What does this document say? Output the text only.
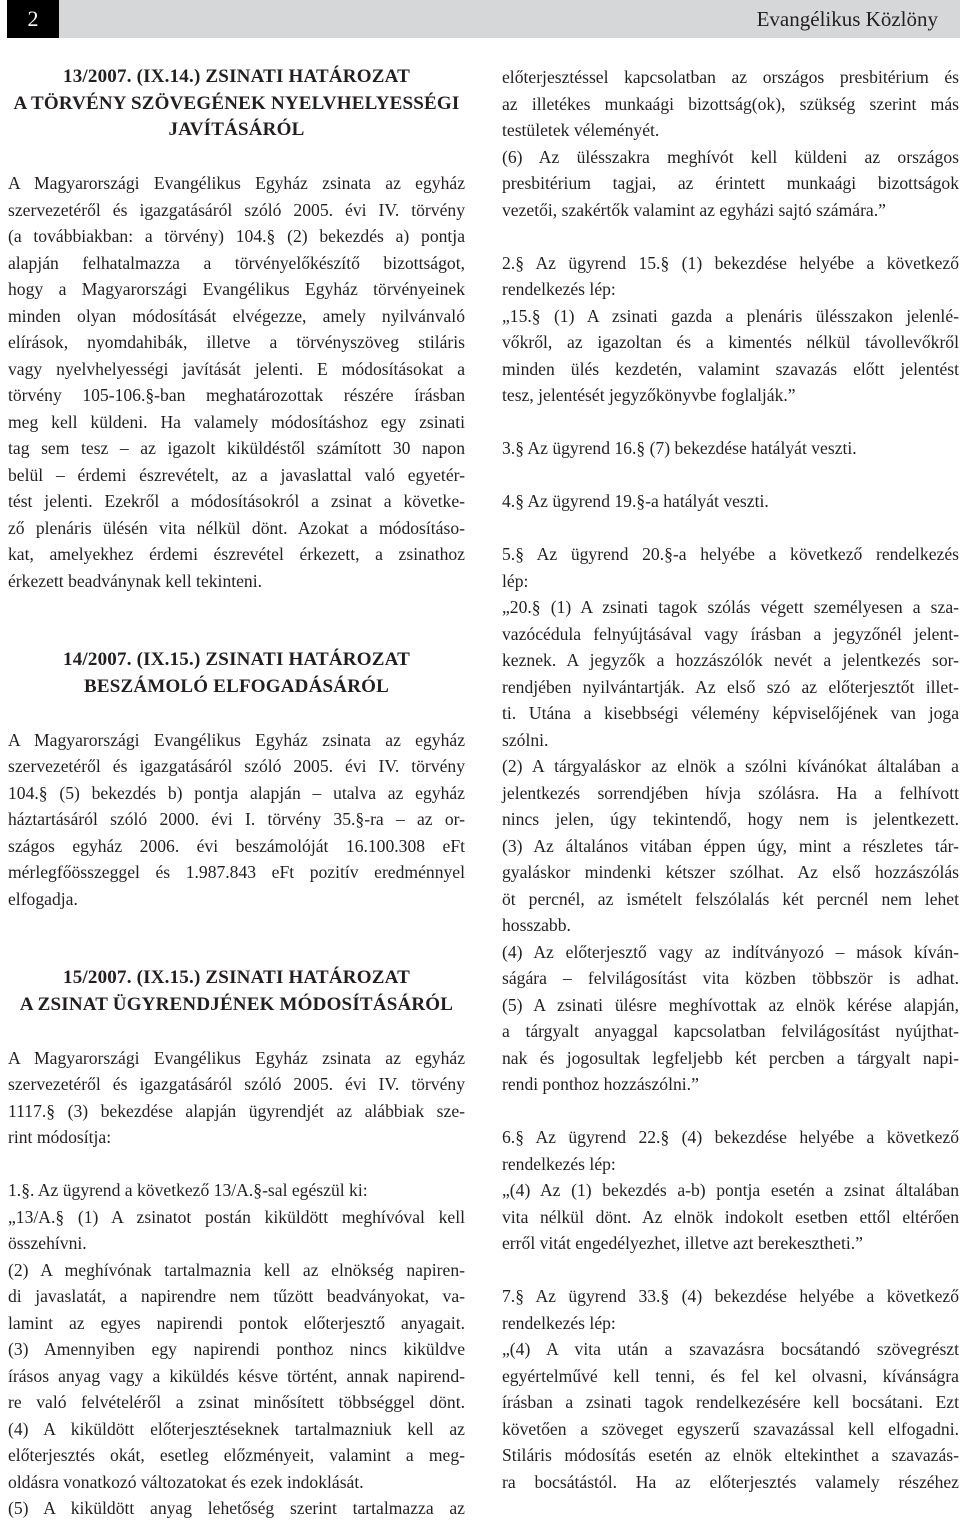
2	Evangélikus Közlöny
13/2007. (IX.14.) ZSINATI HATÁROZAT
A TÖRVÉNY SZÖVEGÉNEK NYELVHELYESSÉGI
JAVÍTÁSÁRÓL
A Magyarországi Evangélikus Egyház zsinata az egyház
szervezetéről és igazgatásáról szóló 2005. évi IV. törvény
(a továbbiakban: a törvény) 104.§ (2) bekezdés a) pontja
alapján felhatalmazza a törvényelőkészítő bizottságot,
hogy a Magyarországi Evangélikus Egyház törvényeinek
minden olyan módosítását elvégezze, amely nyilvánvaló
elírások, nyomdahibák, illetve a törvényszöveg stiláris
vagy nyelvhelyességi javítását jelenti. E módosításokat a
törvény 105-106.§-ban meghatározottak részére írásban
meg kell küldeni. Ha valamely módosításhoz egy zsinati
tag sem tesz – az igazolt kiküldéstől számított 30 napon
belül – érdemi észrevételt, az a javaslattal való egyetér-
tést jelenti. Ezekről a módosításokról a zsinat a követke-
ző plenáris ülésén vita nélkül dönt. Azokat a módosításo-
kat, amelyekhez érdemi észrevétel érkezett, a zsinathoz
érkezett beadványnak kell tekinteni.
14/2007. (IX.15.) ZSINATI HATÁROZAT
BESZÁMOLÓ ELFOGADÁSÁRÓL
A Magyarországi Evangélikus Egyház zsinata az egyház
szervezetéről és igazgatásáról szóló 2005. évi IV. törvény
104.§ (5) bekezdés b) pontja alapján – utalva az egyház
háztartásáról szóló 2000. évi I. törvény 35.§-ra – az or-
szágos egyház 2006. évi beszámolóját 16.100.308 eFt
mérlegfőösszeggel és 1.987.843 eFt pozitív eredménnyel
elfogadja.
15/2007. (IX.15.) ZSINATI HATÁROZAT
A ZSINAT ÜGYRENDJÉNEK MÓDOSÍTÁSÁRÓL
A Magyarországi Evangélikus Egyház zsinata az egyház
szervezetéről és igazgatásáról szóló 2005. évi IV. törvény
1117.§ (3) bekezdése alapján ügyrendjét az alábbiak sze-
rint módosítja:
1.§. Az ügyrend a következő 13/A.§-sal egészül ki:
„13/A.§ (1) A zsinatot postán kiküldött meghívóval kell
összehívni.
(2) A meghívónak tartalmaznia kell az elnökség napiren-
di javaslatát, a napirendre nem tűzött beadványokat, va-
lamint az egyes napirendi pontok előterjesztő anyagait.
(3) Amennyiben egy napirendi ponthoz nincs kiküldve
írásos anyag vagy a kiküldés késve történt, annak napirend-
re való felvételéről a zsinat minősített többséggel dönt.
(4) A kiküldött előterjesztéseknek tartalmazniuk kell az
előterjesztés okát, esetleg előzményeit, valamint a meg-
oldásra vonatkozó változatokat és ezek indoklását.
(5) A kiküldött anyag lehetőség szerint tartalmazza az
előterjesztéssel kapcsolatban az országos presbitérium és
az illetékes munkaági bizottság(ok), szükség szerint más
testületek véleményét.
(6) Az ülésszakra meghívót kell küldeni az országos
presbitérium tagjai, az érintett munkaági bizottságok
vezetői, szakértők valamint az egyházi sajtó számára.”
2.§ Az ügyrend 15.§ (1) bekezdése helyébe a következő
rendelkezés lép:
„15.§ (1) A zsinati gazda a plenáris ülésszakon jelenlé-
vőkről, az igazoltan és a kimentés nélkül távollevőkről
minden ülés kezdetén, valamint szavazás előtt jelentést
tesz, jelentését jegyzőkönyvbe foglalják.”
3.§ Az ügyrend 16.§ (7) bekezdése hatályát veszti.
4.§ Az ügyrend 19.§-a hatályát veszti.
5.§ Az ügyrend 20.§-a helyébe a következő rendelkezés
lép:
„20.§ (1) A zsinati tagok szólás végett személyesen a sza-
vazócédula felnyújtásával vagy írásban a jegyzőnél jelent-
keznek. A jegyzők a hozzászólók nevét a jelentkezés sor-
rendjében nyilvántartják. Az első szó az előterjesztőt illet-
ti. Utána a kisebbségi vélemény képviselőjének van joga
szólni.
(2) A tárgyaláskor az elnök a szólni kívánókat általában a
jelentkezés sorrendjében hívja szólásra. Ha a felhívott
nincs jelen, úgy tekintendő, hogy nem is jelentkezett.
(3) Az általános vitában éppen úgy, mint a részletes tár-
gyaláskor mindenki kétszer szólhat. Az első hozzászólás
öt percnél, az ismételt felszólalás két percnél nem lehet
hosszabb.
(4) Az előterjesztő vagy az indítványozó – mások kíván-
ságára – felvilágosítást vita közben többször is adhat.
(5) A zsinati ülésre meghívottak az elnök kérése alapján,
a tárgyalt anyaggal kapcsolatban felvilágosítást nyújthat-
nak és jogosultak legfeljebb két percben a tárgyalt napi-
rendi ponthoz hozzászólni.”
6.§ Az ügyrend 22.§ (4) bekezdése helyébe a következő
rendelkezés lép:
„(4) Az (1) bekezdés a-b) pontja esetén a zsinat általában
vita nélkül dönt. Az elnök indokolt esetben ettől eltérően
erről vitát engedélyezhet, illetve azt berekesztheti.”
7.§ Az ügyrend 33.§ (4) bekezdése helyébe a következő
rendelkezés lép:
„(4) A vita után a szavazásra bocsátandó szövegrészt
egyértelművé kell tenni, és fel kel olvasni, kívánságra
írásban a zsinati tagok rendelkezésére kell bocsátani. Ezt
követően a szöveget egyszerű szavazással kell elfogadni.
Stiláris módosítás esetén az elnök eltekinthet a szavazás-
ra bocsátástól. Ha az előterjesztés valamely részéhez
